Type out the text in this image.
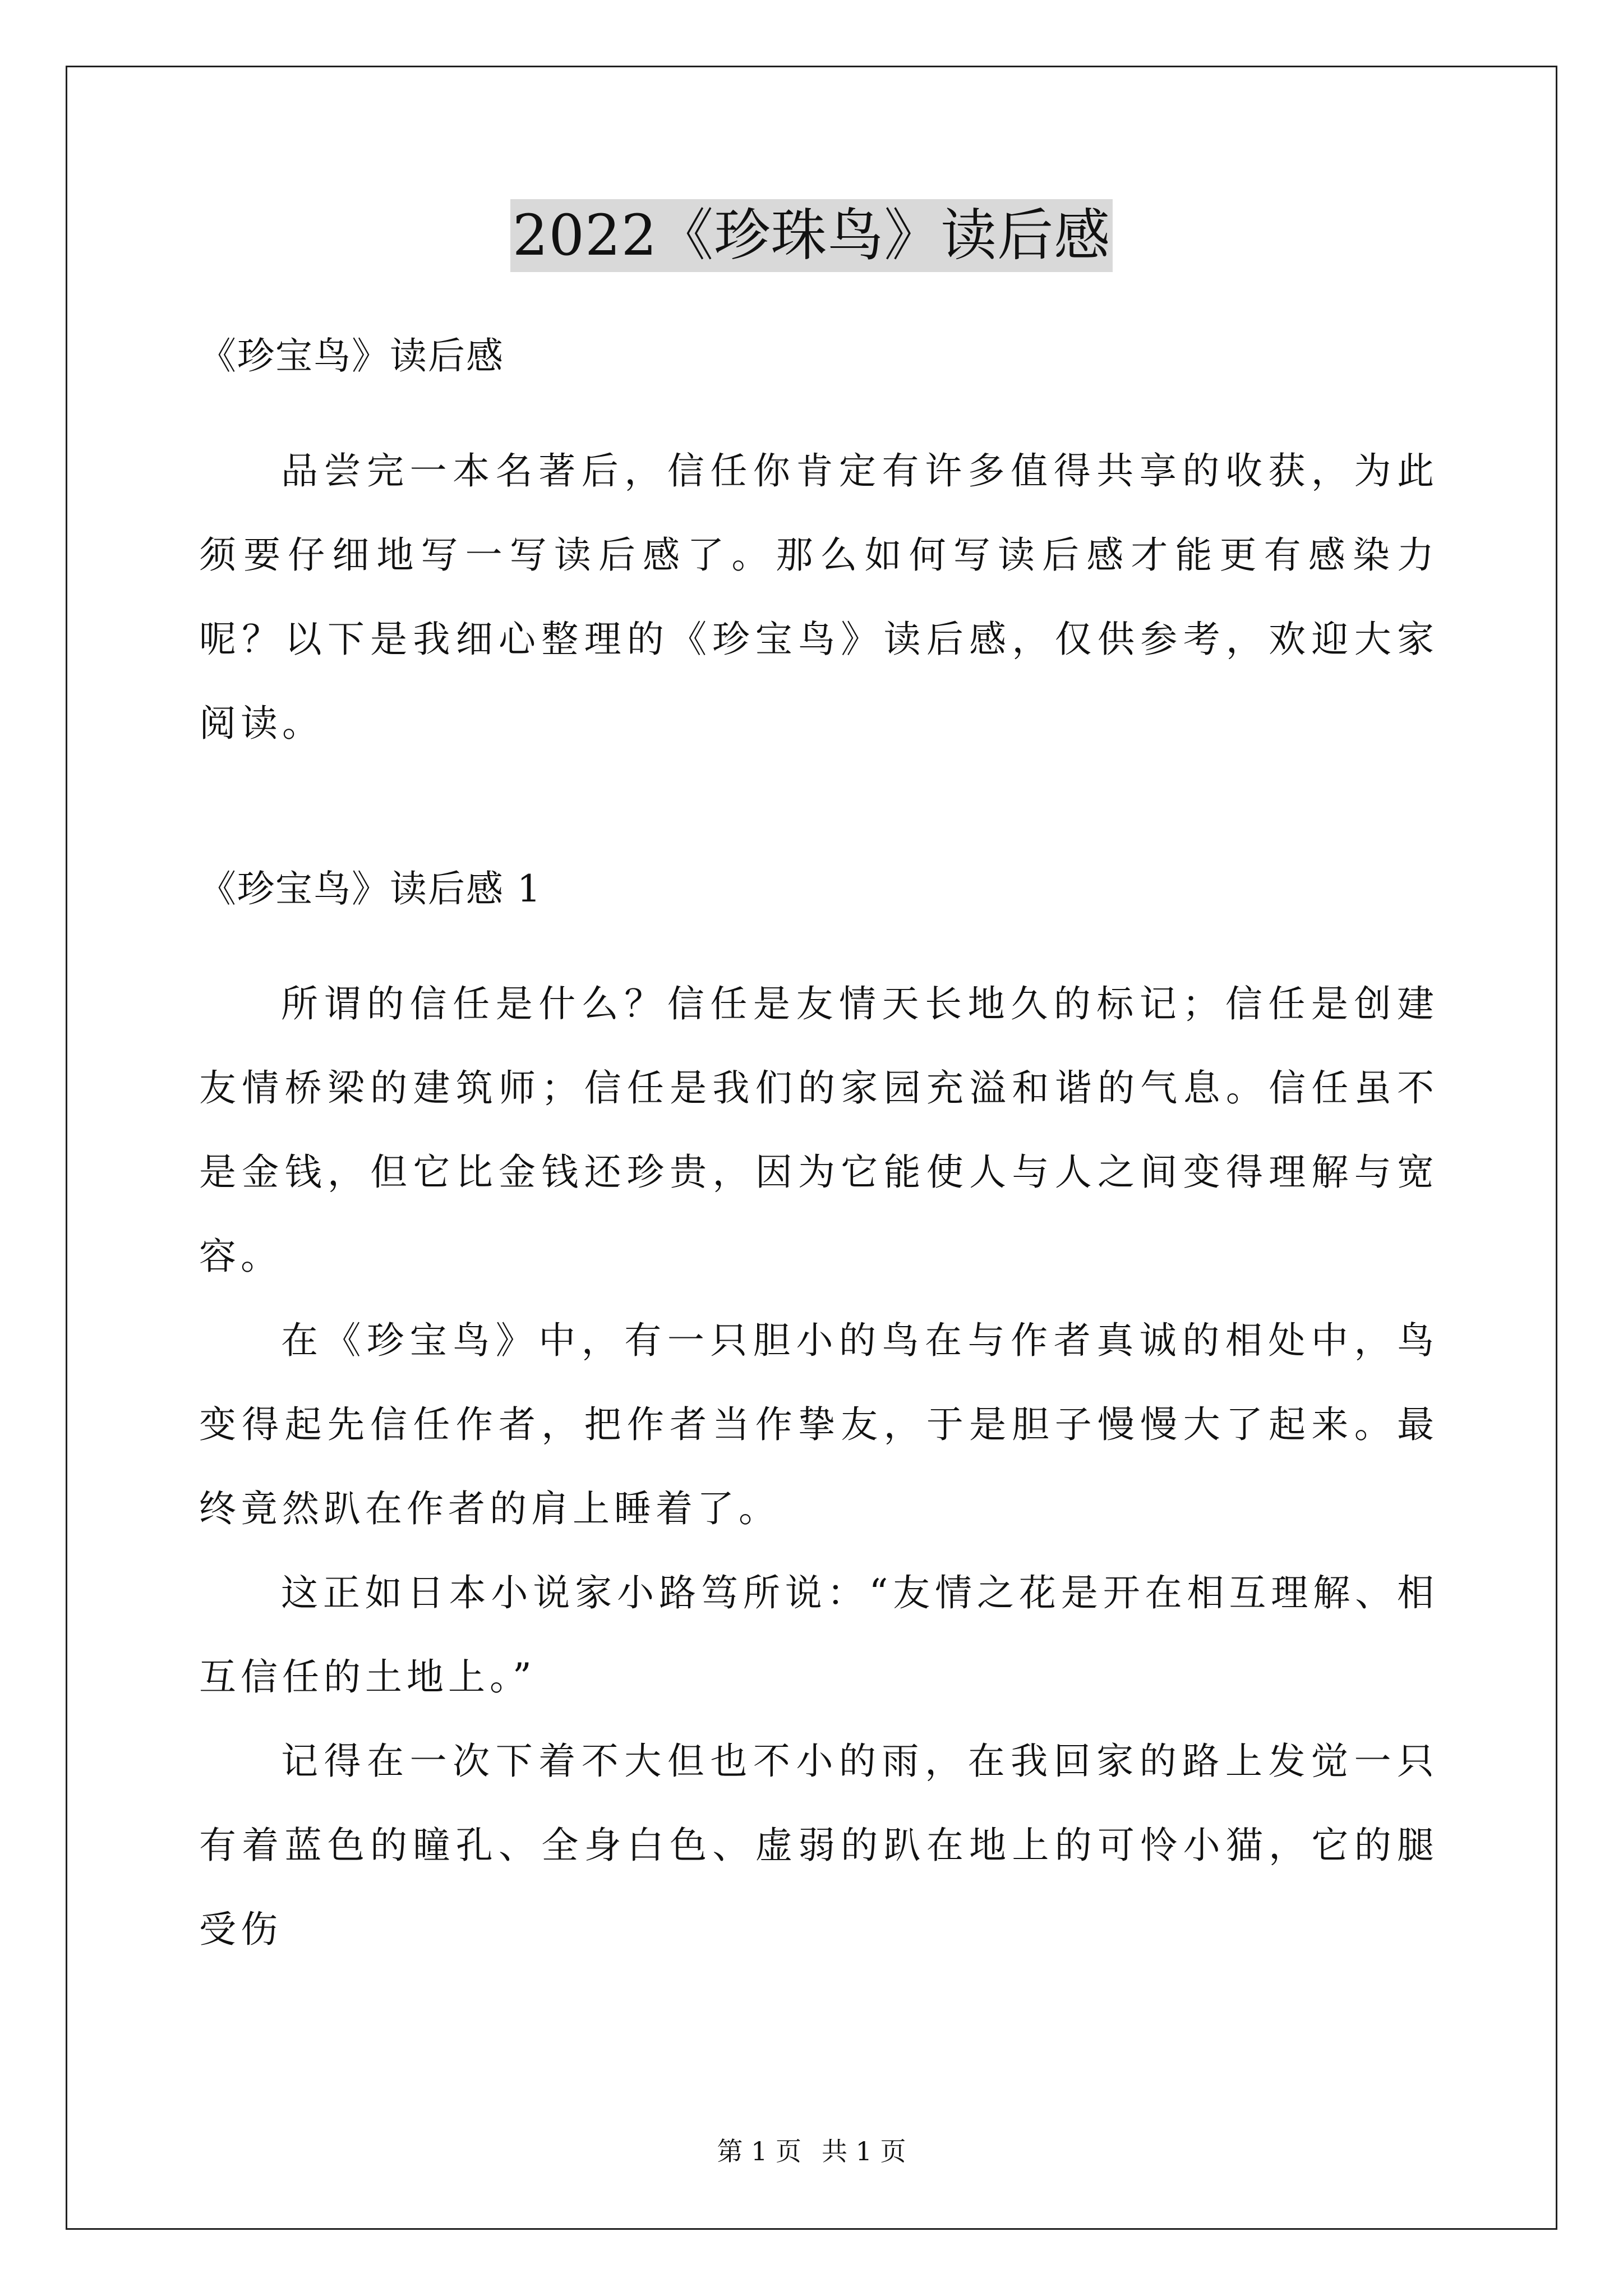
2022《珍珠鸟》读后感

《珍宝鸟》读后感

品尝完一本名著后，信任你肯定有许多值得共享的收获，为此须要仔细地写一写读后感了。那么如何写读后感才能更有感染力呢？以下是我细心整理的《珍宝鸟》读后感，仅供参考，欢迎大家阅读。

《珍宝鸟》读后感 1

所谓的信任是什么？信任是友情天长地久的标记；信任是创建友情桥梁的建筑师；信任是我们的家园充溢和谐的气息。信任虽不是金钱，但它比金钱还珍贵，因为它能使人与人之间变得理解与宽容。

在《珍宝鸟》中，有一只胆小的鸟在与作者真诚的相处中，鸟变得起先信任作者，把作者当作挚友，于是胆子慢慢大了起来。最终竟然趴在作者的肩上睡着了。

这正如日本小说家小路笃所说：“友情之花是开在相互理解、相互信任的土地上。”

记得在一次下着不大但也不小的雨，在我回家的路上发觉一只有着蓝色的瞳孔、全身白色、虚弱的趴在地上的可怜小猫，它的腿受伤

第 1 页 共 1 页
